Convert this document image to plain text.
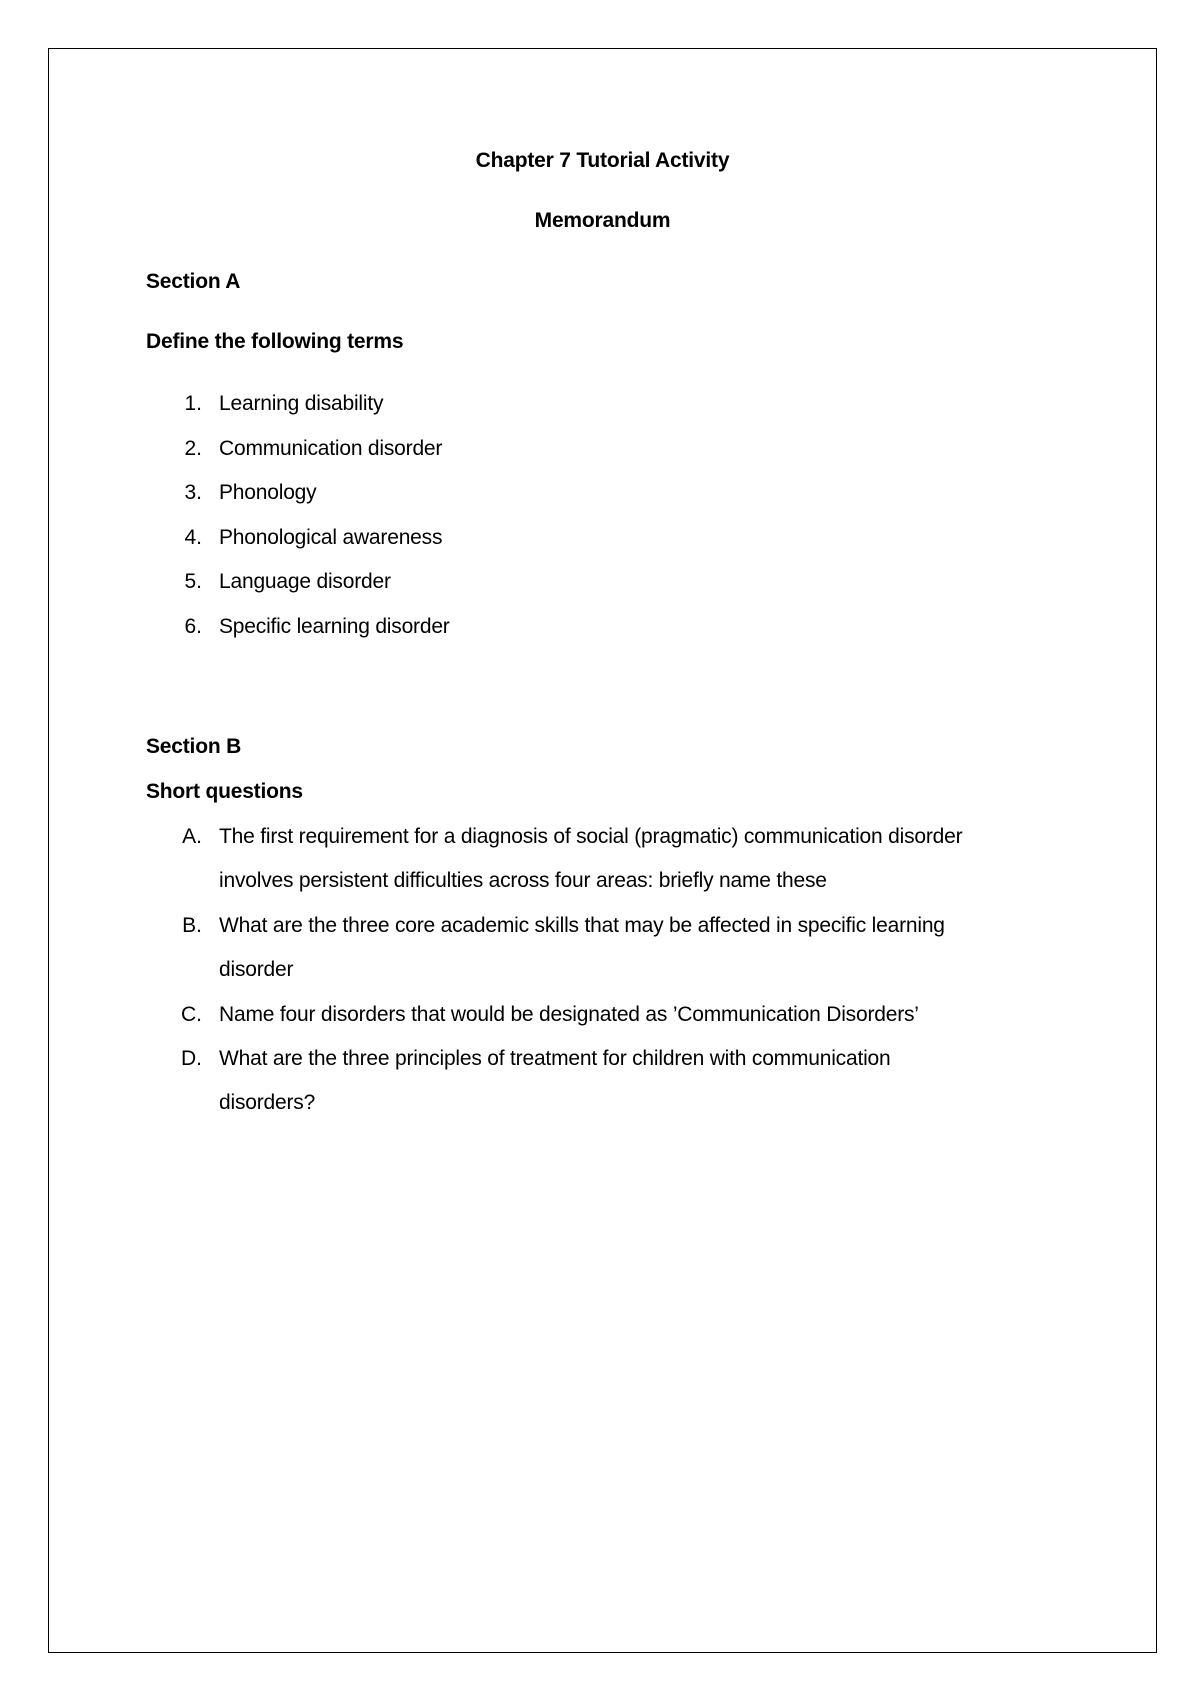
Chapter 7 Tutorial Activity
Memorandum
Section A
Define the following terms
1. Learning disability
2. Communication disorder
3. Phonology
4. Phonological awareness
5. Language disorder
6. Specific learning disorder
Section B
Short questions
A. The first requirement for a diagnosis of social (pragmatic) communication disorder
involves persistent difficulties across four areas: briefly name these
B. What are the three core academic skills that may be affected in specific learning
disorder
C. Name four disorders that would be designated as ’Communication Disorders’
D. What are the three principles of treatment for children with communication
disorders?
